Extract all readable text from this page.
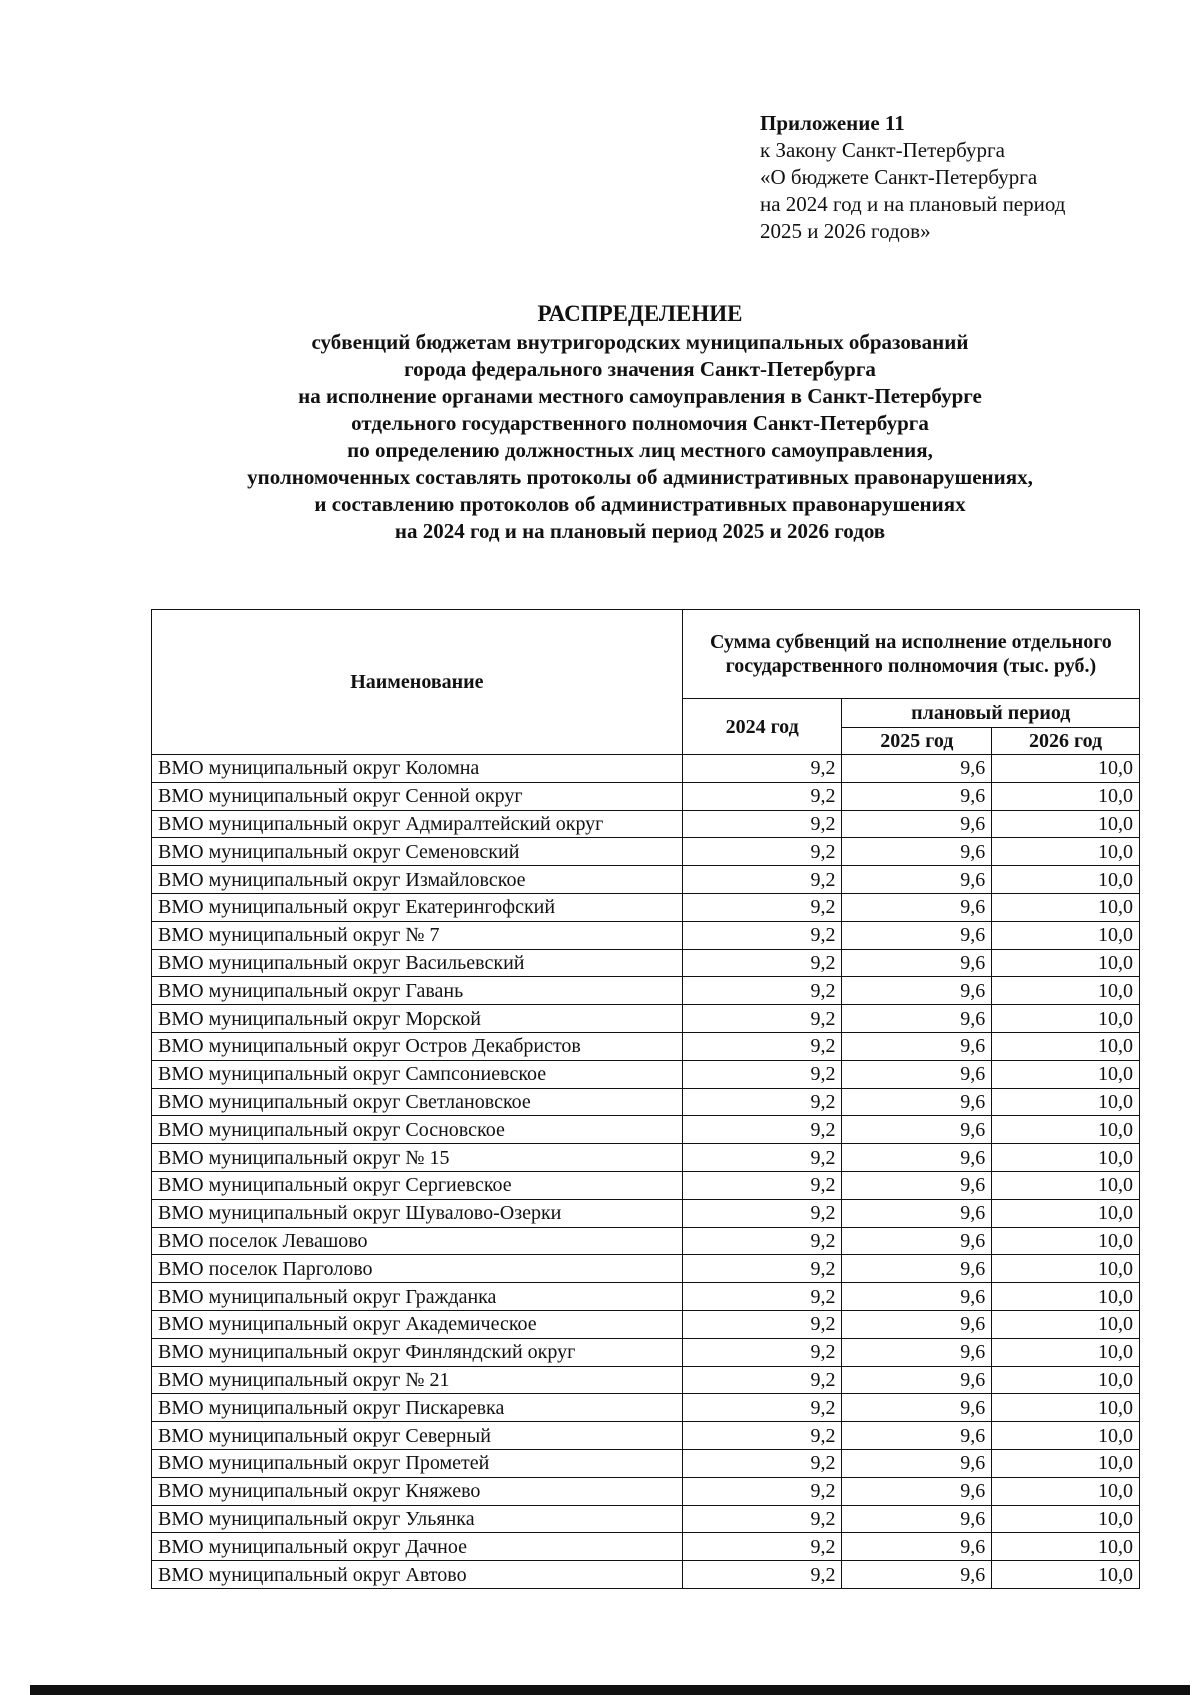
Приложение 11
к Закону Санкт-Петербурга
«О бюджете Санкт-Петербурга
на 2024 год и на плановый период
2025 и 2026 годов»
РАСПРЕДЕЛЕНИЕ
субвенций бюджетам внутригородских муниципальных образований
города федерального значения Санкт-Петербурга
на исполнение органами местного самоуправления в Санкт-Петербурге
отдельного государственного полномочия Санкт-Петербурга
по определению должностных лиц местного самоуправления,
уполномоченных составлять протоколы об административных правонарушениях,
и составлению протоколов об административных правонарушениях
на 2024 год и на плановый период 2025 и 2026 годов
Наименование	Сумма субвенций на исполнение отдельного государственного полномочия (тыс. руб.)		
	2024 год	плановый период	
		2025 год	2026 год
ВМО муниципальный округ Коломна	9,2	9,6	10,0
ВМО муниципальный округ Сенной округ	9,2	9,6	10,0
ВМО муниципальный округ Адмиралтейский округ	9,2	9,6	10,0
ВМО муниципальный округ Семеновский	9,2	9,6	10,0
ВМО муниципальный округ Измайловское	9,2	9,6	10,0
ВМО муниципальный округ Екатерингофский	9,2	9,6	10,0
ВМО муниципальный округ № 7	9,2	9,6	10,0
ВМО муниципальный округ Васильевский	9,2	9,6	10,0
ВМО муниципальный округ Гавань	9,2	9,6	10,0
ВМО муниципальный округ Морской	9,2	9,6	10,0
ВМО муниципальный округ Остров Декабристов	9,2	9,6	10,0
ВМО муниципальный округ Сампсониевское	9,2	9,6	10,0
ВМО муниципальный округ Светлановское	9,2	9,6	10,0
ВМО муниципальный округ Сосновское	9,2	9,6	10,0
ВМО муниципальный округ № 15	9,2	9,6	10,0
ВМО муниципальный округ Сергиевское	9,2	9,6	10,0
ВМО муниципальный округ Шувалово-Озерки	9,2	9,6	10,0
ВМО поселок Левашово	9,2	9,6	10,0
ВМО поселок Парголово	9,2	9,6	10,0
ВМО муниципальный округ Гражданка	9,2	9,6	10,0
ВМО муниципальный округ Академическое	9,2	9,6	10,0
ВМО муниципальный округ Финляндский округ	9,2	9,6	10,0
ВМО муниципальный округ № 21	9,2	9,6	10,0
ВМО муниципальный округ Пискаревка	9,2	9,6	10,0
ВМО муниципальный округ Северный	9,2	9,6	10,0
ВМО муниципальный округ Прометей	9,2	9,6	10,0
ВМО муниципальный округ Княжево	9,2	9,6	10,0
ВМО муниципальный округ Ульянка	9,2	9,6	10,0
ВМО муниципальный округ Дачное	9,2	9,6	10,0
ВМО муниципальный округ Автово	9,2	9,6	10,0
